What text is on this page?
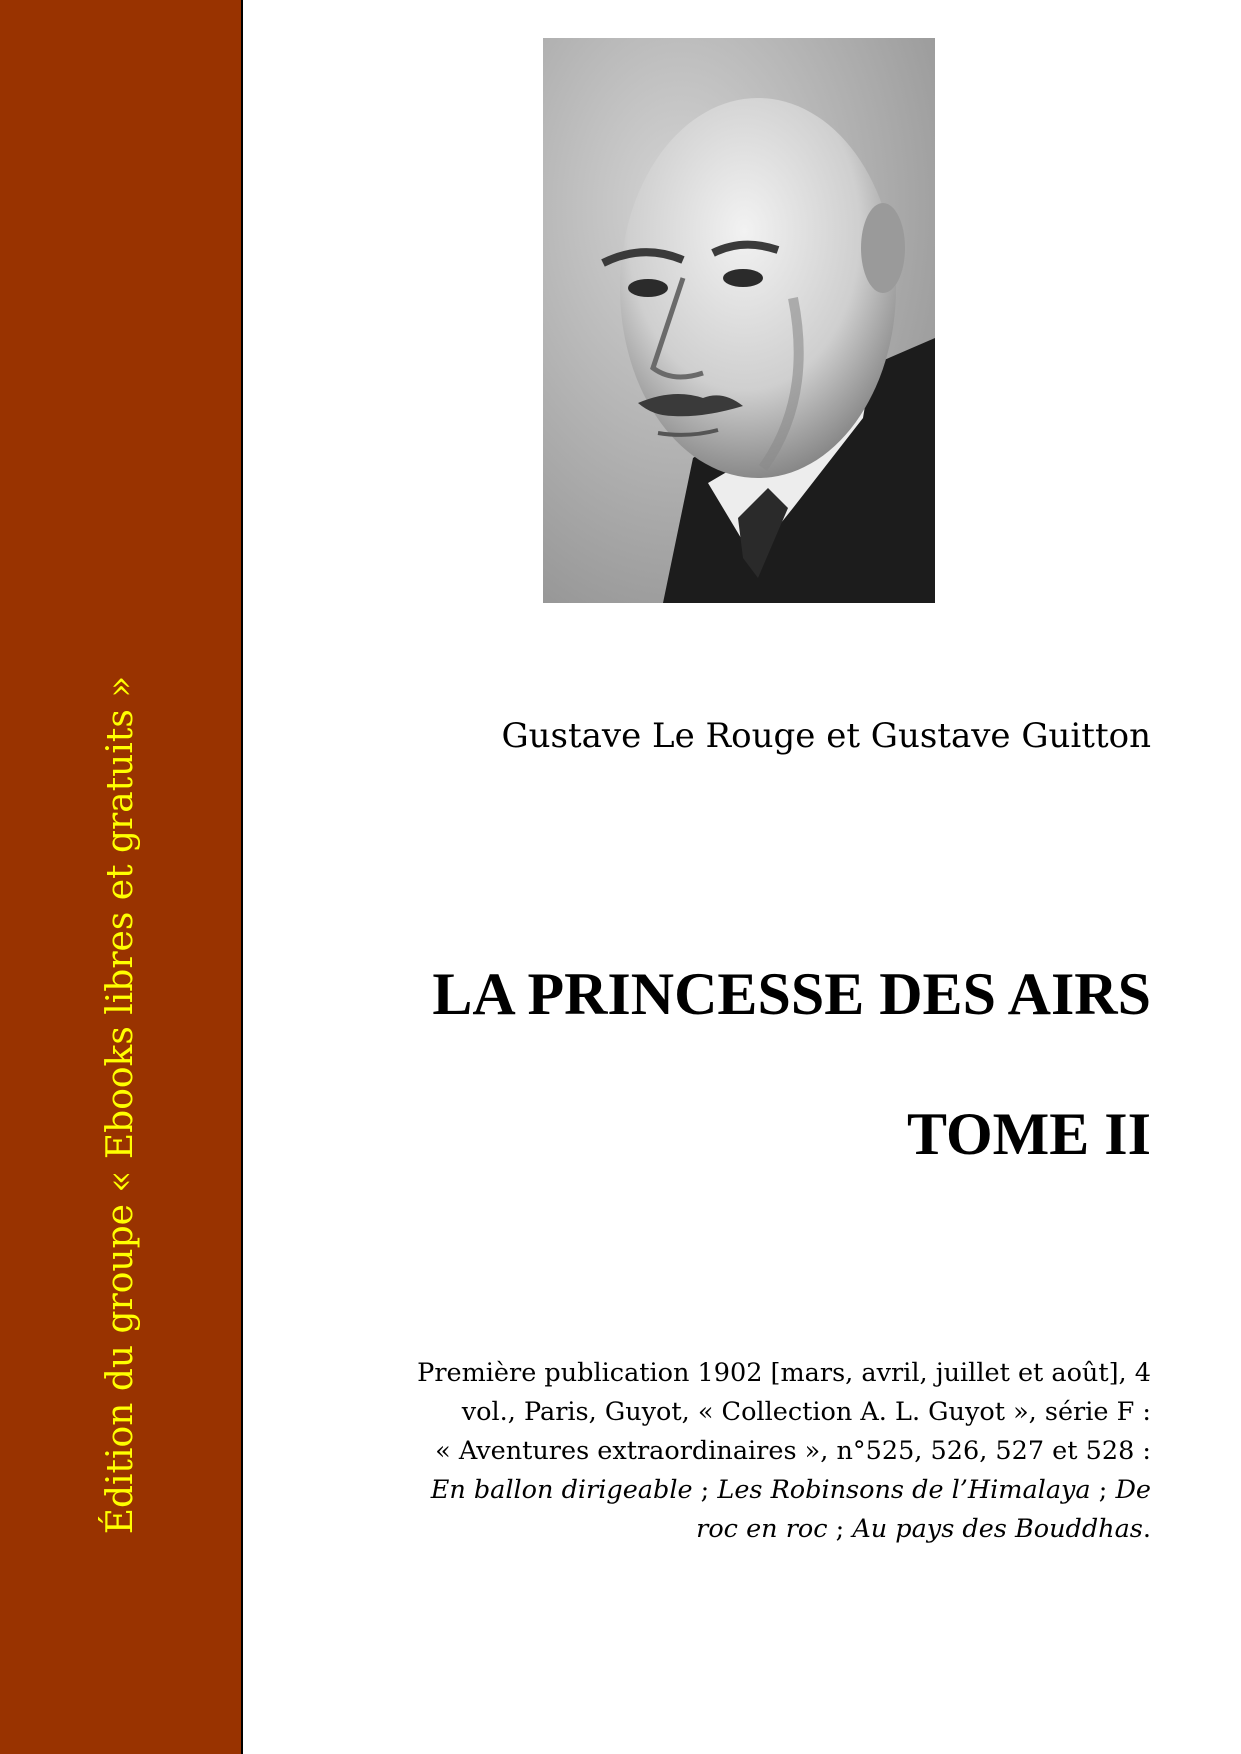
Édition du groupe « Ebooks libres et gratuits »	Gustave Le Rouge et Gustave Guitton
LA PRINCESSE DES AIRS
TOME II
Première publication 1902 [mars, avril, juillet et août], 4
vol., Paris, Guyot, « Collection A. L. Guyot », série F :
« Aventures extraordinaires », n°525, 526, 527 et 528 :
En ballon dirigeable ; Les Robinsons de l’Himalaya ; De
roc en roc ; Au pays des Bouddhas.
